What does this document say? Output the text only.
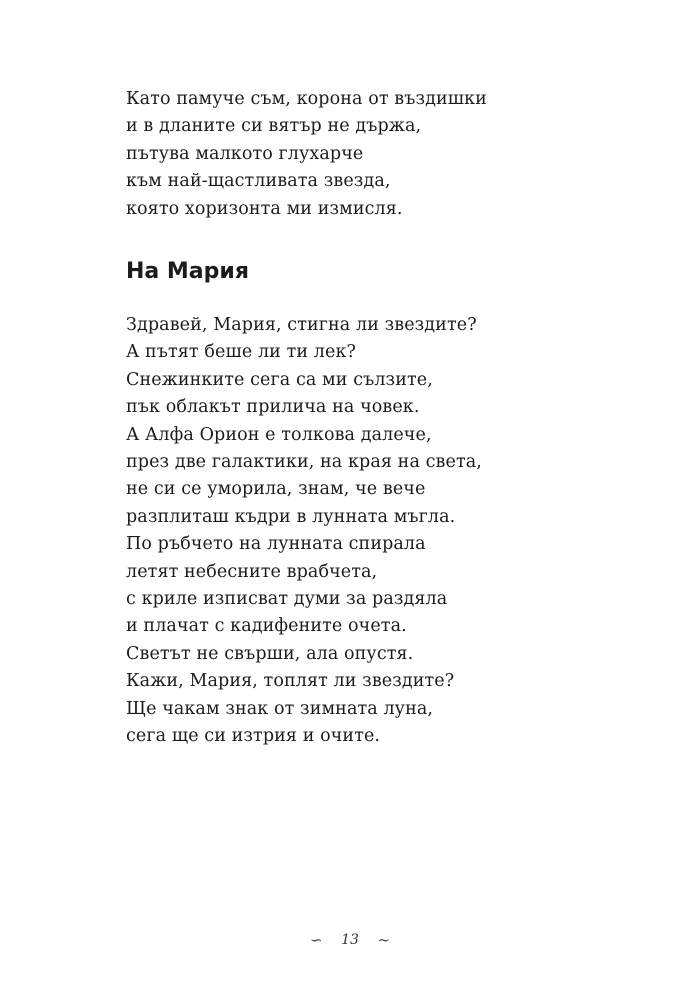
Като памуче съм, корона от въздишки
и в дланите си вятър не държа,
пътува малкото глухарче
към най-щастливата звезда,
която хоризонта ми измисля.
На Мария
Здравей, Мария, стигна ли звездите?
А пътят беше ли ти лек?
Снежинките сега са ми сълзите,
пък облакът прилича на човек.
А Алфа Орион е толкова далече,
през две галактики, на края на света,
не си се уморила, знам, че вече
разплиташ къдри в лунната мъгла.
По ръбчето на лунната спирала
летят небесните врабчета,
с криле изписват думи за раздяла
и плачат с кадифените очета.
Светът не свърши, ала опустя.
Кажи, Мария, топлят ли звездите?
Ще чакам знак от зимната луна,
сега ще си изтрия и очите.
∽ 13 ∼
